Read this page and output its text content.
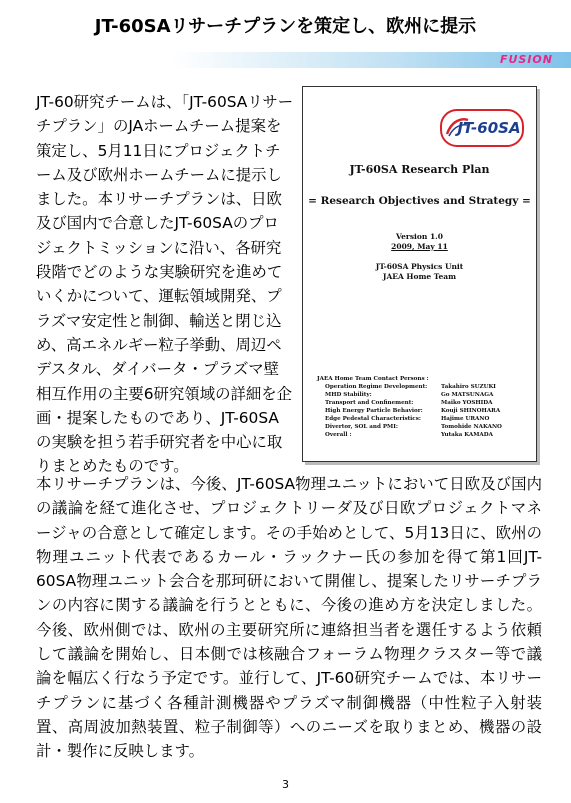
JT-60SAリサーチプランを策定し、欧州に提示
FUSION

JT-60研究チームは、「JT-60SAリサーチプラン」のJAホームチーム提案を策定し、5月11日にプロジェクトチーム及び欧州ホームチームに提示しました。本リサーチプランは、日欧及び国内で合意したJT-60SAのプロジェクトミッションに沿い、各研究段階でどのような実験研究を進めていくかについて、運転領域開発、プラズマ安定性と制御、輸送と閉じ込め、高エネルギー粒子挙動、周辺ペデスタル、ダイバータ・プラズマ壁相互作用の主要6研究領域の詳細を企画・提案したものであり、JT-60SAの実験を担う若手研究者を中心に取りまとめたものです。

JT-60SA
JT-60SA Research Plan
= Research Objectives and Strategy =
Version 1.0
2009, May 11
JT-60SA Physics Unit
JAEA Home Team
JAEA Home Team Contact Persons :
Operation Regime Development:	Takahiro SUZUKI
MHD Stability:	Go MATSUNAGA
Transport and Confinement:	Maiko YOSHIDA
High Energy Particle Behavior:	Kouji SHINOHARA
Edge Pedestal Characteristics:	Hajime URANO
Divertor, SOL and PMI:	Tomohide NAKANO
Overall :	Yutaka KAMADA

本リサーチプランは、今後、JT-60SA物理ユニットにおいて日欧及び国内の議論を経て進化させ、プロジェクトリーダ及び日欧プロジェクトマネージャの合意として確定します。その手始めとして、5月13日に、欧州の物理ユニット代表であるカール・ラックナー氏の参加を得て第1回JT-60SA物理ユニット会合を那珂研において開催し、提案したリサーチプランの内容に関する議論を行うとともに、今後の進め方を決定しました。今後、欧州側では、欧州の主要研究所に連絡担当者を選任するよう依頼して議論を開始し、日本側では核融合フォーラム物理クラスター等で議論を幅広く行なう予定です。並行して、JT-60研究チームでは、本リサーチプランに基づく各種計測機器やプラズマ制御機器（中性粒子入射装置、高周波加熱装置、粒子制御等）へのニーズを取りまとめ、機器の設計・製作に反映します。

3
